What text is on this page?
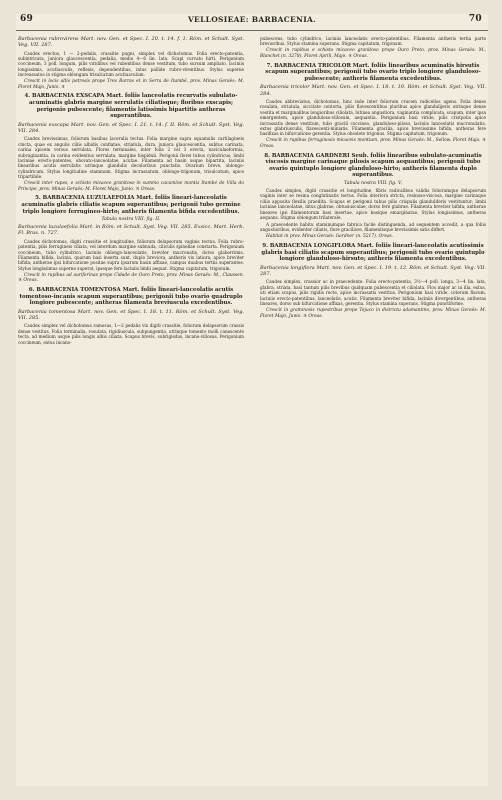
69	VELLOSIEAE: BARBACENIA.	70

Barbacenia rubrovirens Mart. nov. Gen. et Spec. I. 20. t. 14. f. 1. Röm. et Schult. Syst. Veg. VII. 287.

Caudex erectus, 1 — 2-pedalis, crassitie pugni, simplex vel dichotomus. Folia erecto-patentia, subintricata, juniora glaucescentia, pedalia, medio 4—6 lin. lata. Scapi curvato hirti. Perigonium coccineum, 3 poll. longum, pilis viridibus vel rubentibus dense vestitum, tubo sursum ampliato, laciniis longissimis, acutiusculis, reflexis, dependentibus, intus pallide rubro-virentibus. Stylus superne increassatus in stigma oblongum trisulcatum acutiusculum.

Crescit in locis altis petrosis prope Tres Barras et in Serra de Itambé, prov. Minas Geraës: M. Floret Majo, Junio. ♃

4. BARBACENIA EXSCAPA Mart. foliis lanceolatis recurvatis subulato-acuminatis glabris margine serrulatis ciliatisque; floribus exscapis; perigonio pubescente; filamentis latissimis bipartitis antheras superantibus.

Barbacenia exscapa Mart. nov. Gen. et Spec. I. 21. t. 14. f. II. Röm. et Schult. Syst. Veg. VII. 284.

Caudex brevissimus, foliorum basibus lacerulis tectus. Folia margine supra squamulis cartilagineis cincta, quae ex angulis ciliis albidis conflatae, striatula, dura, juniora glaucescentia, subtus carinata, carina apicem versus serrulata. Flores terminales, inter folia 2 vel 3 erecta, naviculaeformia, subvaginantia, in carina evidentius serrulata, margine hispiduli. Perigonii florei tubus cylindricus, limbi laciniae erecto-patentes, obovato-lanceolatae, acutae. Filamenta ad basin usque bipartita, laciniis linearibus acutis serrulatis utrinque glandulis decoloribus punctatis. Ovarium breve, oblongo-cylindricum. Stylus longitudine staminum. Stigma incrassatum, oblongo-trigonum, trisulcatum, apice tripartibile.

Crescit inter rupes, e schisto micaceo granitoso in summo cacumine montis Itambé de Villa do Príncipe, prov. Minas Geraës: M. Floret Majo, Junio. ♃ Oreas.

5. BARBACENIA LUZULAEFOLIA Mart. foliis lineari-lanceolatis acuminatis glabris ciliatis scapum superantibus; perigonii tubo germine triplo longiore ferrugineo-hirto; antheris filamenta bifida excedentibus.

Tabula nostra VIII. fig. II.

Barbacenia luzulaefolia Mart. in Röm. et Schult. Syst. Veg. VII. 285. Exsicc. Mart. Herb. Fl. Bras. n. 727.

Caudex dichotomus, digiti crassitie et longitudine, foliorum delapsorum vaginis tectus. Folia rubro-patentia, pilis ferrugineis ciliata, vel interdum margine subnuda, ciliculis spinellae constarta. Perigonium coccineum, tubo cylindrico, laciniis oblongo-lanceolatis, breviter mucronatis, dorso glaberrimis. Filamenta bifida, lacinia, quarum basi inserta sunt, duplo breviora, antheris vix latiora, apice breviter bifida; antherae ipsi bifurcatione positae supra ipsarum basin affixae, campus duabus tertiis superantes. Stylus longissimus superne superat, ipseque fere laciniis limbi aequat. Stigma capitatum, trigonum.

Crescit in rupibus ad auriferinas prope Cidade de Ouro Preto, prov. Minas Geraës: M., Claussen. ♃ Oreas.

6. BARBACENIA TOMENTOSA Mart. foliis lineari-lanceolatis acutis tomentoso-incanis scapum superantibus; perigonii tubo ovario quadruplo longiore pubescente; antheras filamenta breviuscula excedentibus.

Barbacenia tomentosa Mart. nov. Gen. et Spec. I. 18. t. 11. Röm. et Schult. Syst. Veg. VII. 285.

Caudex simplex vel dichotomus ramosus, 1—2 pedalis vix digiti crassitie, foliorum delapsorum crassis dense vestitus. Folia terminalia, rosulata, rigidiuscula, subpungentia, utrinque tomento molli canescente tecta, ad medium usque pilis longis albis ciliata. Scapus brevis, subrigisdus, incano-villosus. Perigonium coccineum, extus incano-

pubescens, tubo cylindrico, laciniis lanceolatis erecto-patentibus. Filamenta antheris tertia parte breviorihus. Stylus stamina superans. Stigma capitatum, trigonum.

Crescit in rupibus e schisto micaceo granitoso prope Ouro Preto, prov. Minas Geraës: M., Blanchet (n. 3278). Floret Aprili, Majo. ♃ Oreas.

7. BARBACENIA TRICOLOR Mart. foliis linearibus acuminatis hirsutis scapum superantibus; perigonii tubo ovario triplo longiore glanduloso-pubescente; antheris filamenta excedentibus.

Barbacenia tricolor Mart. nov. Gen. et Spec. I. 18. t. 10. Röm. et Schult. Syst. Veg. VII. 284.

Caudex abbreviatus, dichotomus, hinc inde inter foliorum crucem radicellos agens. Folia dense rosulata, striatula, siccitate contorta, pilis flavescentibus pluribus apice glandulijeris utrinque dense vestita et marginalibus longioribus ciliolata, lutinea angustiora, vaginantia complicata, scapum, inter ipsa emergentem, apice glanduloso-villosum, aequantia. Perigonium basi viride, pilis cristpolis apice incrassatis dense vestitum, tubo gracili coccineo, glanduloso-piloso, laciniis lanceolatis mucronulatis, extus glabriusculis, flavescenti-miniatis. Filamenta gracilia, apice breviissime bifida, antheras fere basifixas in bifurcatione gerentia. Stylus obsolete trigonus. Stigma capitatum, trigonum.

Crescit in rupibus ferruginosis micaceis montium, prov. Minas Geraës: M., Sellow. Floret Majo. ♃ Oreas.

8. BARBACENIA GARDNERI Seub. foliis linearibus subulato-acuminatis viscosis margine carinaque pilosis scapum aequantibus; perigonii tubo ovario quintuplo longiore glanduloso-hirto; antheris filamenta duplo superantibus.

Tabula nostra VIII. fig. V.

Caudex simplex, digiti crassitie et longitudine, fibris radicalibus validis foliorumque delapsorum vaginis inter se resina conglutinatis tectus. Folia interiora stricta, resinoso-viscosa, margine carinaque ciliis apposita flexilis praedita. Scapus et perigonii tubus pilis crispulis glanduliferis vestituntur; limbi laciniae lanceolatae, intus glabrae, obtusiusculae, dorso fere glabrae. Filamenta breviter bifida; antherae lineares ipsi filamentorum basi insertae, apice basique emarginatae. Stylus longissimus, antheras aequans. Stigma oblongum trilaterale.

A praecedente habitu staminumque fabrica facile distinguenda, ad sequentem accedit, a qua foliis angustioribus, evidenter ciliatis, flore graciliore, filamentisque brevissimis satis differt.

Habitat in prov. Minas Geraës: Gardner (n. 5217). Oreas.

9. BARBACENIA LONGIFLORA Mart. foliis lineari-lanceolatis acutissimis glabris basi ciliatis scapum superantibus; perigonii tubo ovario quintuplo longiore glanduloso-hirsuto; antheris filamenta excedentibus.

Barbacenia longiflora Mart. nov. Gen. et Spec. I. 19. t. 12. Röm. et Schult. Syst. Veg. VII. 287.

Caudex simplex, crassior ac in praecedente. Folia erecto-patentia, 3½—4 poll. longa, 3—4 lin. lata, glabra, striata, basi tantum pilis brevibus quidquam pubescentia et ciliolata. Flos major ac in illa, extus, uti etiam scapus, pilis rigidis recte, apice incrassatis vestitus. Perigonium basi viride, coterum flavum, laciniis erecto-patentibus, lanceolatis, acutis. Filamenta breviter bifida; laciniis divergentibus, antheras lineares, dorso sub bifurcatione affixas, gerentia. Stylus stamina superans. Stigma punctiforme.

Crescit in graminosis rupestribus prope Tejuco in districtu adamantino, prov. Minas Geraës: M. Floret Majo, Junio. ♃ Oreas.
